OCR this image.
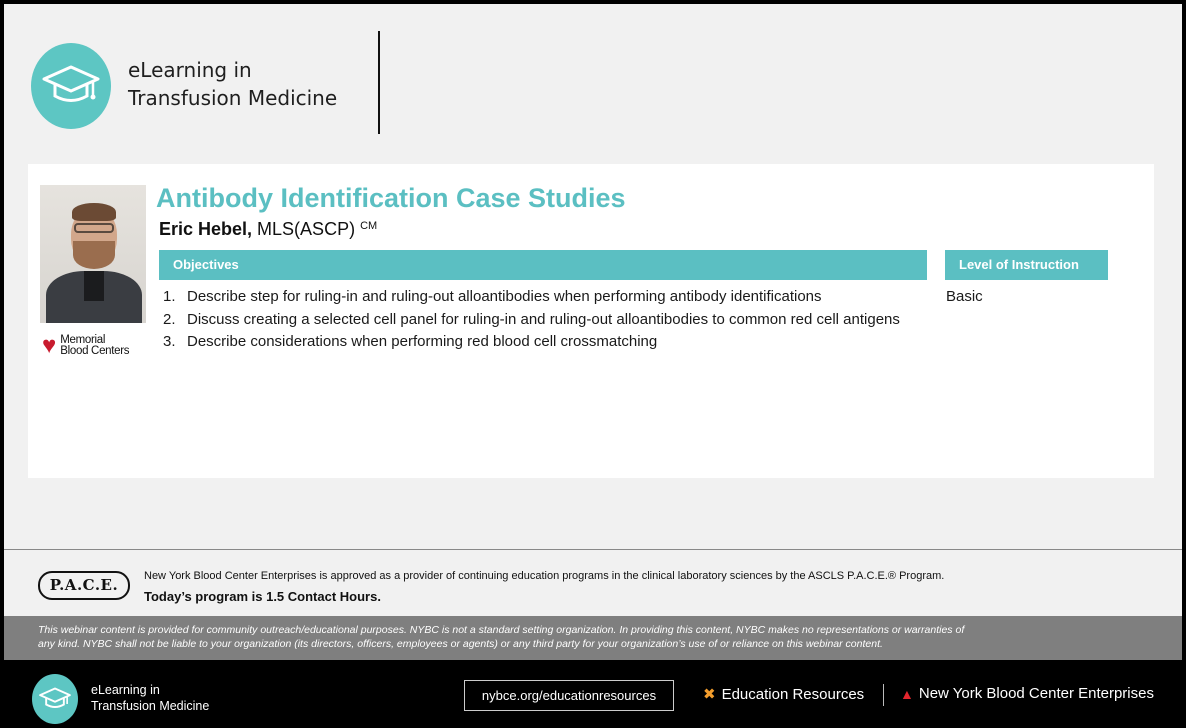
eLearning in
Transfusion Medicine
♥ Memorial
Blood Centers
Antibody Identification Case Studies
Eric Hebel, MLS(ASCP) $^{CM}$
Objectives	Level of Instruction
1. Describe step for ruling-in and ruling-out alloantibodies when performing antibody identifications
2. Discuss creating a selected cell panel for ruling-in and ruling-out alloantibodies to common red cell antigens
3. Describe considerations when performing red blood cell crossmatching
Basic
P.A.C.E.	New York Blood Center Enterprises is approved as a provider of continuing education programs in the clinical laboratory sciences by the ASCLS P.A.C.E.® Program.
Today’s program is 1.5 Contact Hours.
This webinar content is provided for community outreach/educational purposes. NYBC is not a standard setting organization. In providing this content, NYBC makes no representations or warranties of
any kind. NYBC shall not be liable to your organization (its directors, officers, employees or agents) or any third party for your organization’s use of or reliance on this webinar content.
eLearning in
Transfusion Medicine
nybce.org/educationresources	✖ Education Resources	▲ New York Blood Center Enterprises
